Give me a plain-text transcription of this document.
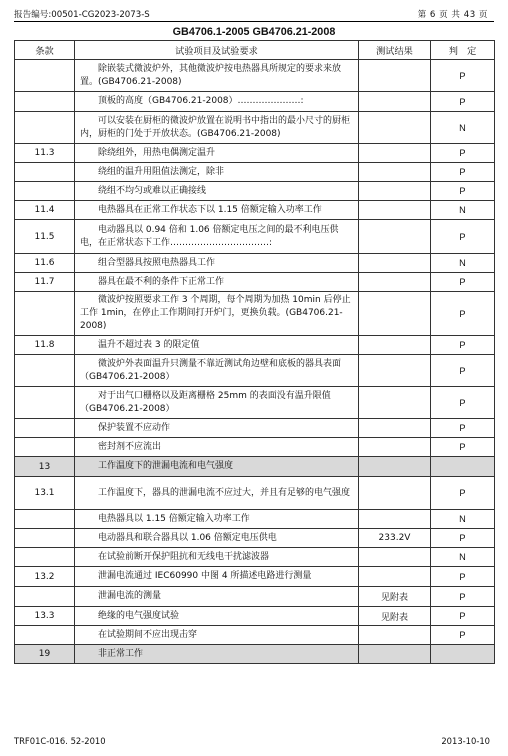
报告编号:00501-CG2023-2073-S	第 6 页 共 43 页
GB4706.1-2005 GB4706.21-2008
条款	试验项目及试验要求	测试结果	判　定

	除嵌装式微波炉外，其他微波炉按电热器具所规定的要求来放置。(GB4706.21-2008)		P

	顶板的高度（GB4706.21-2008）…………………:		P

	可以安装在厨柜的微波炉放置在说明书中指出的最小尺寸的厨柜内，厨柜的门处于开放状态。(GB4706.21-2008)		N
11.3	除绕组外，用热电偶测定温升		P

	绕组的温升用阻值法测定，除非		P

	绕组不均匀或难以正确接线		P
11.4	电热器具在正常工作状态下以 1.15 倍额定输入功率工作		N
11.5	电动器具以 0.94 倍和 1.06 倍额定电压之间的最不利电压供电，在正常状态下工作……………………………:		P
11.6	组合型器具按照电热器具工作		N
11.7	器具在最不利的条件下正常工作		P

	微波炉按照要求工作 3 个周期，每个周期为加热 10min 后停止工作 1min，在停止工作期间打开炉门，更换负载。(GB4706.21-2008)		P
11.8	温升不超过表 3 的限定值		P

	微波炉外表面温升只测量不靠近测试角边壁和底板的器具表面（GB4706.21-2008）		P

	对于出气口栅格以及距离栅格 25mm 的表面没有温升限值（GB4706.21-2008）		P

	保护装置不应动作		P

	密封剂不应流出		P
13	工作温度下的泄漏电流和电气强度		

13.1	工作温度下，器具的泄漏电流不应过大，并且有足够的电气强度		P

	电热器具以 1.15 倍额定输入功率工作		N

	电动器具和联合器具以 1.06 倍额定电压供电	233.2V	P

	在试验前断开保护阻抗和无线电干扰滤波器		N
13.2	泄漏电流通过 IEC60990 中图 4 所描述电路进行测量		P

	泄漏电流的测量	见附表	P
13.3	绝缘的电气强度试验	见附表	P

	在试验期间不应出现击穿		P
19	非正常工作		

TRF01C-016. 52-2010	2013-10-10
